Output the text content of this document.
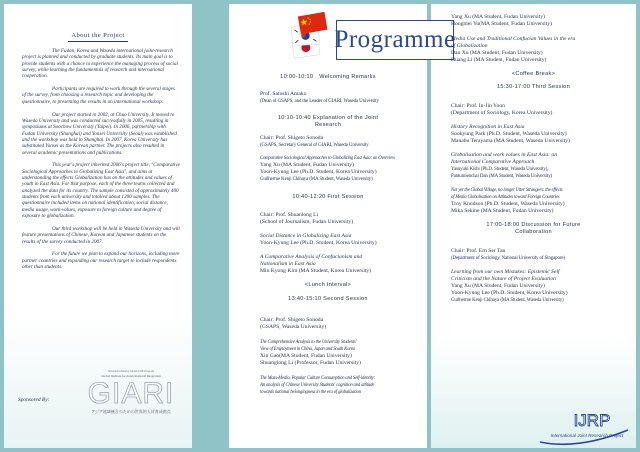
About the Project

The Fudan, Korea and Waseda international joint-research project is planned and conducted by graduate students. Its main goal is to provide students with a chance to experience the managing process of social survey, while learning the fundamentals of research and international cooperation.

Participants are required to work through the several stages of the survey, from choosing a research topic and developing the questionnaire, to presenting the results in an international workshop.

Our project started in 2002, at Chuo University. It moved to Waseda University and was conducted successfully in 2005, resulting in symposiums at Soochow University (Taipei). In 2006, partnership with Fudan University (Shanghai) and Yonsei University (Seoul) was established and the workshop was held in Shanghai. In 2007, Korea University has substituted Yonsei as the Korean partner. The projects also resulted in several academic presentations and publications.

This year's project inherited 2006's project title, "Comparative Sociological Approaches to Globalizing East Asia", and aims at understanding the effects Globalization has on the attitudes and values of youth in East Asia. For that purpose, each of the three teams collected and analyzed the data for its country. The sample consisted of approximately 400 students from each university and totalled about 1200 samples. The questionnaire included items on national identification, social distance, media usage, work-values, exposure to foreign culture and degree of exposure to globalization.

Our third workshop will be held in Waseda University and will feature presentations of Chinese, Korean and Japanese students on the results of the survey conducted in 2007.

For the future we plan to expand our horizons, including more partner countries and expanding our research target to include respondents other than students.

Sponsored By:
Waseda University Global COE Program
Global Institute for Asian Regional Integration
GIARI
アジア地域統合のための世界的人材育成拠点
Programme
10:00-10:10　Welcoming Remarks
Prof. Satoshi Amako
(Dean of GSAPS, and the Leader of GIARI, Waseda University
10:10-10:40 Explanation of the Joint
Research
Chair: Prof. Shigeto Sonoda
(GSAPS, Secretary General of GIARI, Waseda University
Comparative Sociological Approaches to Globalizing East Asia: an Overview
Yang Xu (MA Student, Fudan University)
Yoon-Kyung Lee (Ph.D. Student, Korea University)
Guilherme Kenji Chihaya (MA Student, Waseda University)
10:40-12:20 First Session
Chair: Prof. Shuanlong Li
(School of Journalism, Fudan University)
Social Distance in Globalizing East Asia
Yoon-Kyung Lee (Ph.D. Student, Korea University)
A Comparative Analysis of Confucianism and
Nationalism in East Asia
Min Kyong Kim (MA Student, Korea University)
<Lunch Interval>
13:40-15:10 Second Session
Chair: Prof. Shigeto Sonoda
(GSAPS, Waseda University)
The Comprehensive Analysis to the University Students'
View of Employment in China, Japan and South Korea
Xin Gao(MA Student, Fudan University)
Shuanglong Li (Professor, Fudan University)
The Mass-Media, Popular Culture Consumption and Self-identity:
An analysis of Chinese University Students' cognition and attitude
towards national belongingness in the era of globalization
Yang Xu (MA Student, Fudan University)
Hongmei Yu(MA Student, Fudan University)
Media Use and Traditional Confucian Values in the era
of Globalization
Dan Xu (MA Student, Fudan University)
Huang Li (MA Student, Fudan University)
<Coffee Break>
15:30-17:00 Third Session
Chair: Prof. In-Jin Yoon
(Department of Sociology, Korea University)
History Recognition in East Asia
Sookyung Park (Ph.D. Student, Waseda University)
Manabu Terayama (MA Student, Waseda University)
Globalisation and work values in East Asia: an
International Comparative Approach
Yasuyuki Kishi (Ph.D. Student, Waseda University),
Pantumienchai Dan (MA Student, Waseda University)
Not yet the Global Village, no longer Utter Strangers: the effects
of Media Globalisation on Attitudes toward Foreign Countries
Troy Knudson (Ph.D. Student, Waseda University)
Mika Sekine (MA Student, Fudan University)
17:00-18:00 Discussion for Future
Collaboration
Chair: Prof. Ern Ser Tan
(Department of Sociology, National University of Singapore)
Learning from our own Mistakes: Epistemic Self
Criticism and the Nature of Project Evaluation
Yang Xu (MA Student, Fudan University)
Yoon-Kyung Lee (Ph.D. Student, Korea University)
Guilherme Kenji Chihaya (MA Student, Waseda University)
IJRP
International Joint Research Project
